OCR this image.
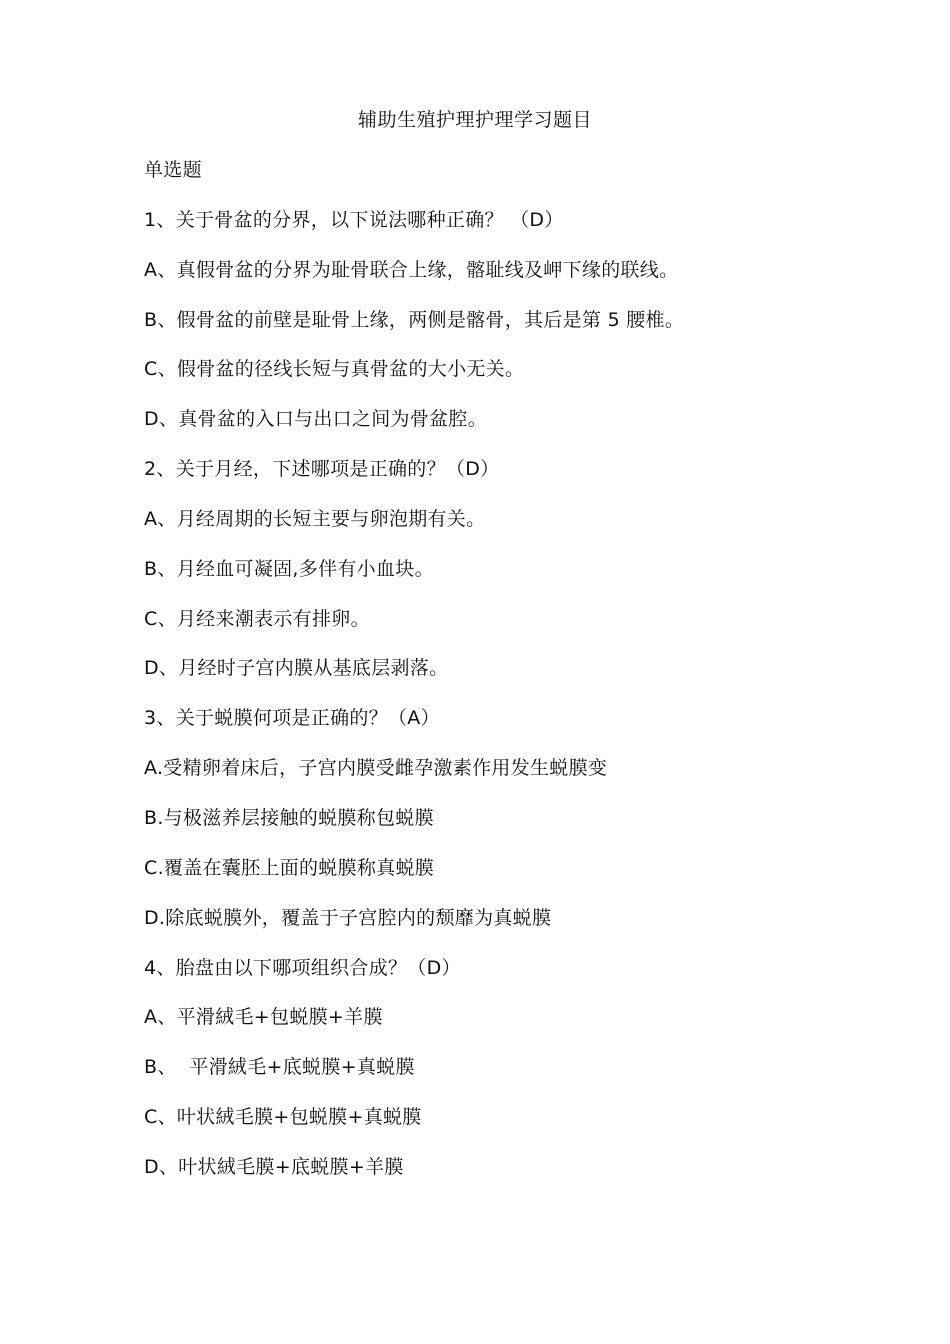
辅助生殖护理护理学习题目

单选题

1、关于骨盆的分界，以下说法哪种正确？ （D）

A、真假骨盆的分界为耻骨联合上缘，髂耻线及岬下缘的联线。

B、假骨盆的前壁是耻骨上缘，两侧是髂骨，其后是第 5 腰椎。

C、假骨盆的径线长短与真骨盆的大小无关。

D、真骨盆的入口与出口之间为骨盆腔。

2、关于月经，下述哪项是正确的？（D）

A、月经周期的长短主要与卵泡期有关。

B、月经血可凝固,多伴有小血块。

C、月经来潮表示有排卵。

D、月经时子宫内膜从基底层剥落。

3、关于蜕膜何项是正确的？（A）

A.受精卵着床后，子宫内膜受雌孕激素作用发生蜕膜变

B.与极滋养层接触的蜕膜称包蜕膜

C.覆盖在囊胚上面的蜕膜称真蜕膜

D.除底蜕膜外，覆盖于子宫腔内的颓靡为真蜕膜

4、胎盘由以下哪项组织合成？（D）

A、平滑絨毛+包蜕膜+羊膜

B、  平滑絨毛+底蜕膜+真蜕膜

C、叶状絨毛膜+包蜕膜+真蜕膜

D、叶状絨毛膜+底蜕膜+羊膜
